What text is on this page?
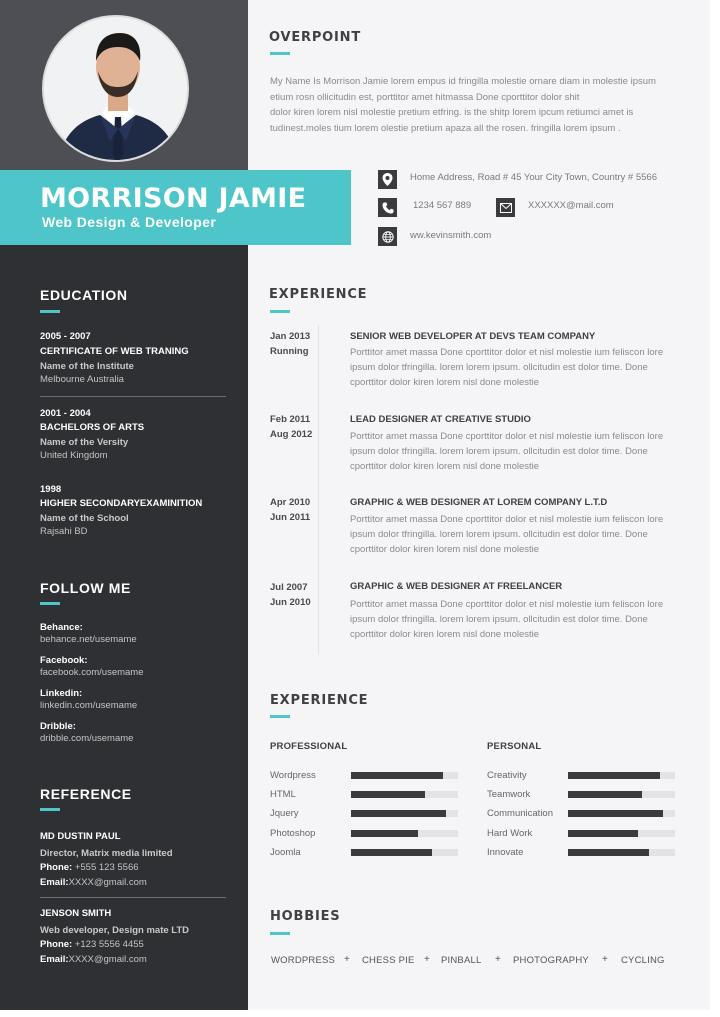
MORRISON JAMIE
Web Design & Developer
EDUCATION
2005 - 2007
CERTIFICATE OF WEB TRANING
Name of the Institute
Melbourne Australia
2001 - 2004
BACHELORS OF ARTS
Name of the Versity
United Kingdom
1998
HIGHER SECONDARYEXAMINITION
Name of the School
Rajsahi BD
FOLLOW ME
Behance:
behance.net/usemame
Facebook:
facebook.com/usemame
Linkedin:
linkedin.com/usemame
Dribble:
dribble.com/usemame
REFERENCE
MD DUSTIN PAUL
Director, Matrix media limited
Phone: +555 123 5566
Email:XXXX@gmail.com
JENSON SMITH
Web developer, Design mate LTD
Phone: +123 5556 4455
Email:XXXX@gmail.com
OVERPOINT
My Name Is Morrison Jamie lorem empus id fringilla molestie ornare diam in molestie ipsum
etium rosn ollicitudin est, porttitor amet hitmassa Done cporttitor dolor shit
dolor kiren lorem nisl molestie pretium etfring. is the shitp lorem ipcum retiumci amet is
tudinest.moles tium lorem olestie pretium apaza all the rosen. fringilla lorem ipsum .
Home Address, Road # 45 Your City Town, Country # 5566
1234 567 889	XXXXXX@mail.com
ww.kevinsmith.com
EXPERIENCE
Jan 2013
Running
SENIOR WEB DEVELOPER AT DEVS TEAM COMPANY
Porttitor amet massa Done cporttitor dolor et nisl molestie ium feliscon lore
ipsum dolor tfringilla. lorem lorem ipsum. ollcitudin est dolor time. Done
cporttitor dolor kiren lorem nisl done molestie
Feb 2011
Aug 2012
LEAD DESIGNER AT CREATIVE STUDIO
Porttitor amet massa Done cporttitor dolor et nisl molestie ium feliscon lore
ipsum dolor tfringilla. lorem lorem ipsum. ollcitudin est dolor time. Done
cporttitor dolor kiren lorem nisl done molestie
Apr 2010
Jun 2011
GRAPHIC & WEB DESIGNER AT LOREM COMPANY L.T.D
Porttitor amet massa Done cporttitor dolor et nisl molestie ium feliscon lore
ipsum dolor tfringilla. lorem lorem ipsum. ollcitudin est dolor time. Done
cporttitor dolor kiren lorem nisl done molestie
Jul 2007
Jun 2010
GRAPHIC & WEB DESIGNER AT FREELANCER
Porttitor amet massa Done cporttitor dolor et nisl molestie ium feliscon lore
ipsum dolor tfringilla. lorem lorem ipsum. ollcitudin est dolor time. Done
cporttitor dolor kiren lorem nisl done molestie
EXPERIENCE
PROFESSIONAL	PERSONAL
Wordpress
HTML
Jquery
Photoshop
Joomla
Creativity
Teamwork
Communication
Hard Work
Innovate
HOBBIES
WORDPRESS + CHESS PIE + PINBALL + PHOTOGRAPHY + CYCLING
